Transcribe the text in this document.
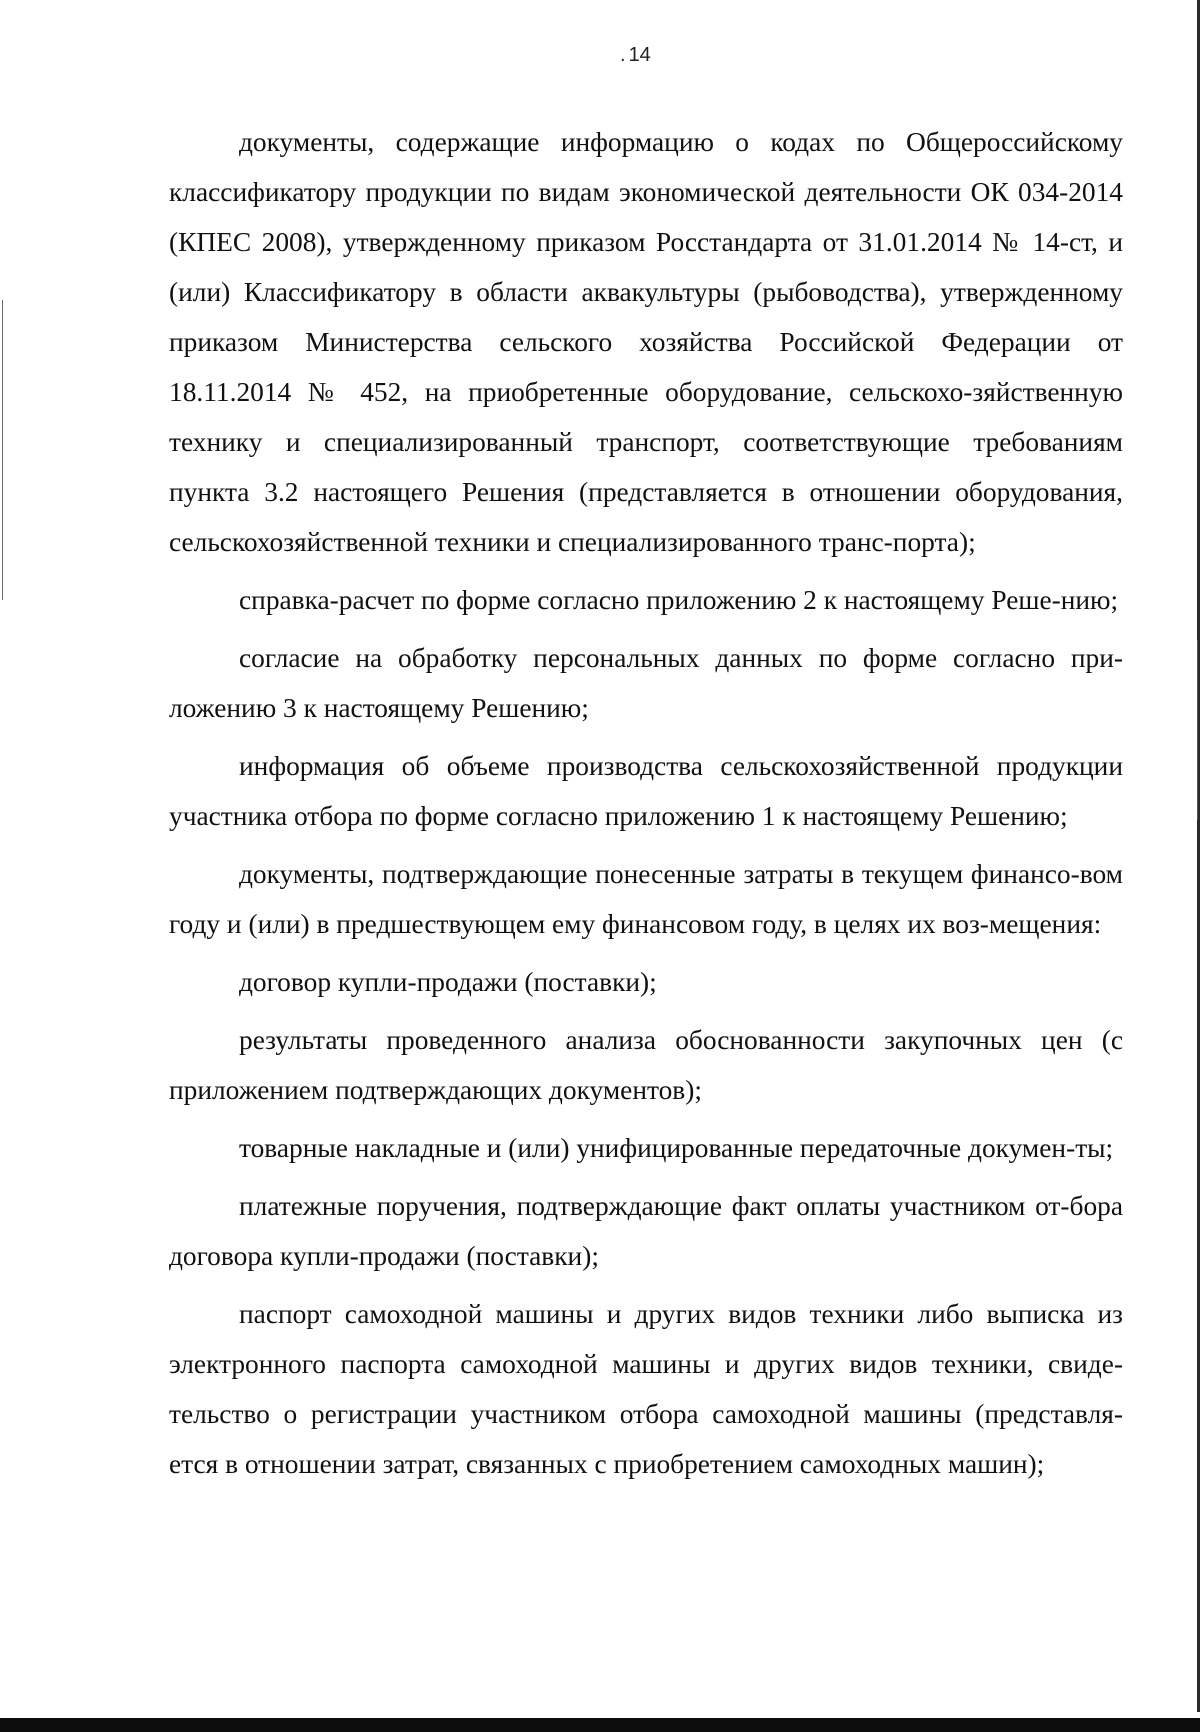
. 14

документы, содержащие информацию о кодах по Общероссийскому классификатору продукции по видам экономической деятельности ОК 034-2014 (КПЕС 2008), утвержденному приказом Росстандарта от 31.01.2014 № 14-ст, и (или) Классификатору в области аквакультуры (рыбоводства), утвержденному приказом Министерства сельского хозяйства Российской Федерации от 18.11.2014 № 452, на приобретенные оборудование, сельскохо-зяйственную технику и специализированный транспорт, соответствующие требованиям пункта 3.2 настоящего Решения (представляется в отношении оборудования, сельскохозяйственной техники и специализированного транс-порта);

справка-расчет по форме согласно приложению 2 к настоящему Реше-нию;

согласие на обработку персональных данных по форме согласно при-ложению 3 к настоящему Решению;

информация об объеме производства сельскохозяйственной продукции участника отбора по форме согласно приложению 1 к настоящему Решению;

документы, подтверждающие понесенные затраты в текущем финансо-вом году и (или) в предшествующем ему финансовом году, в целях их воз-мещения:

договор купли-продажи (поставки);

результаты проведенного анализа обоснованности закупочных цен (с приложением подтверждающих документов);

товарные накладные и (или) унифицированные передаточные докумен-ты;

платежные поручения, подтверждающие факт оплаты участником от-бора договора купли-продажи (поставки);

паспорт самоходной машины и других видов техники либо выписка из электронного паспорта самоходной машины и других видов техники, свиде-тельство о регистрации участником отбора самоходной машины (представля-ется в отношении затрат, связанных с приобретением самоходных машин);
